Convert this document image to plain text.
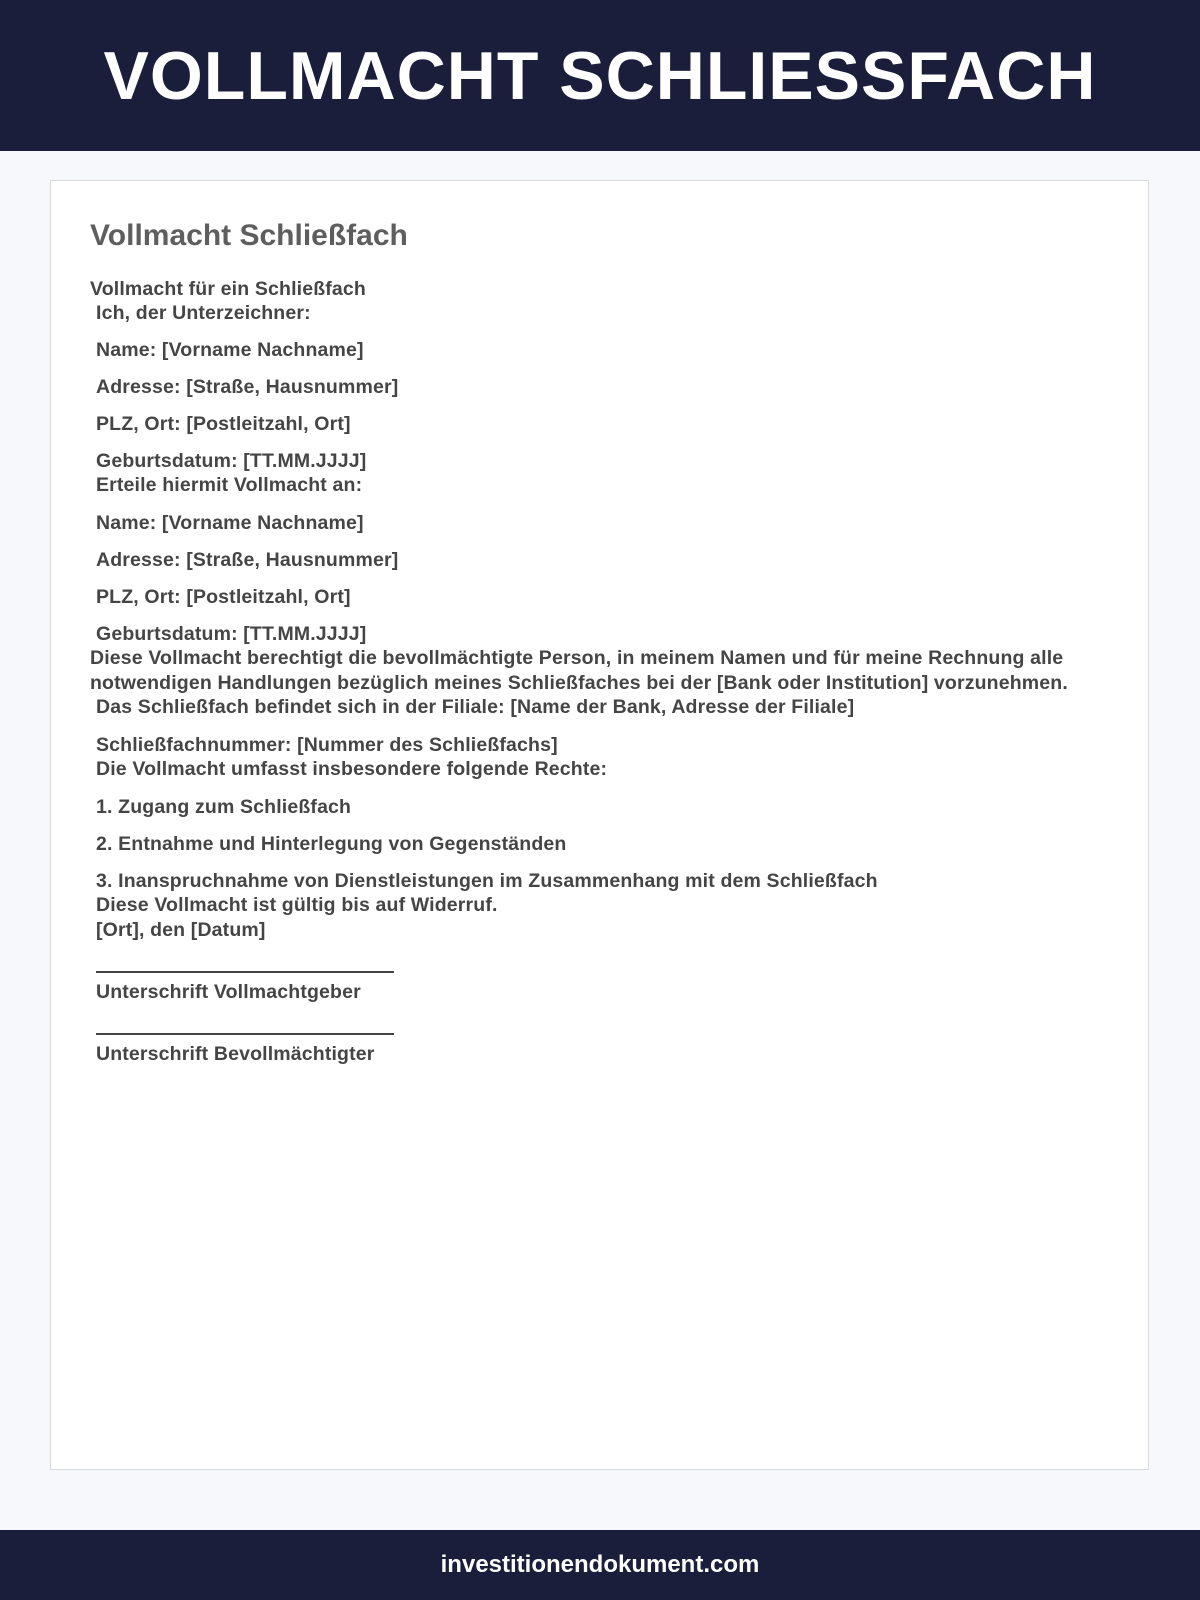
VOLLMACHT SCHLIESSFACH
Vollmacht Schließfach
Vollmacht für ein Schließfach
Ich, der Unterzeichner:
Name: [Vorname Nachname]
Adresse: [Straße, Hausnummer]
PLZ, Ort: [Postleitzahl, Ort]
Geburtsdatum: [TT.MM.JJJJ]
Erteile hiermit Vollmacht an:
Name: [Vorname Nachname]
Adresse: [Straße, Hausnummer]
PLZ, Ort: [Postleitzahl, Ort]
Geburtsdatum: [TT.MM.JJJJ]
Diese Vollmacht berechtigt die bevollmächtigte Person, in meinem Namen und für meine Rechnung alle notwendigen Handlungen bezüglich meines Schließfaches bei der [Bank oder Institution] vorzunehmen.
Das Schließfach befindet sich in der Filiale: [Name der Bank, Adresse der Filiale]
Schließfachnummer: [Nummer des Schließfachs]
Die Vollmacht umfasst insbesondere folgende Rechte:
1. Zugang zum Schließfach
2. Entnahme und Hinterlegung von Gegenständen
3. Inanspruchnahme von Dienstleistungen im Zusammenhang mit dem Schließfach
Diese Vollmacht ist gültig bis auf Widerruf.
[Ort], den [Datum]
Unterschrift Vollmachtgeber
Unterschrift Bevollmächtigter
investitionendokument.com
